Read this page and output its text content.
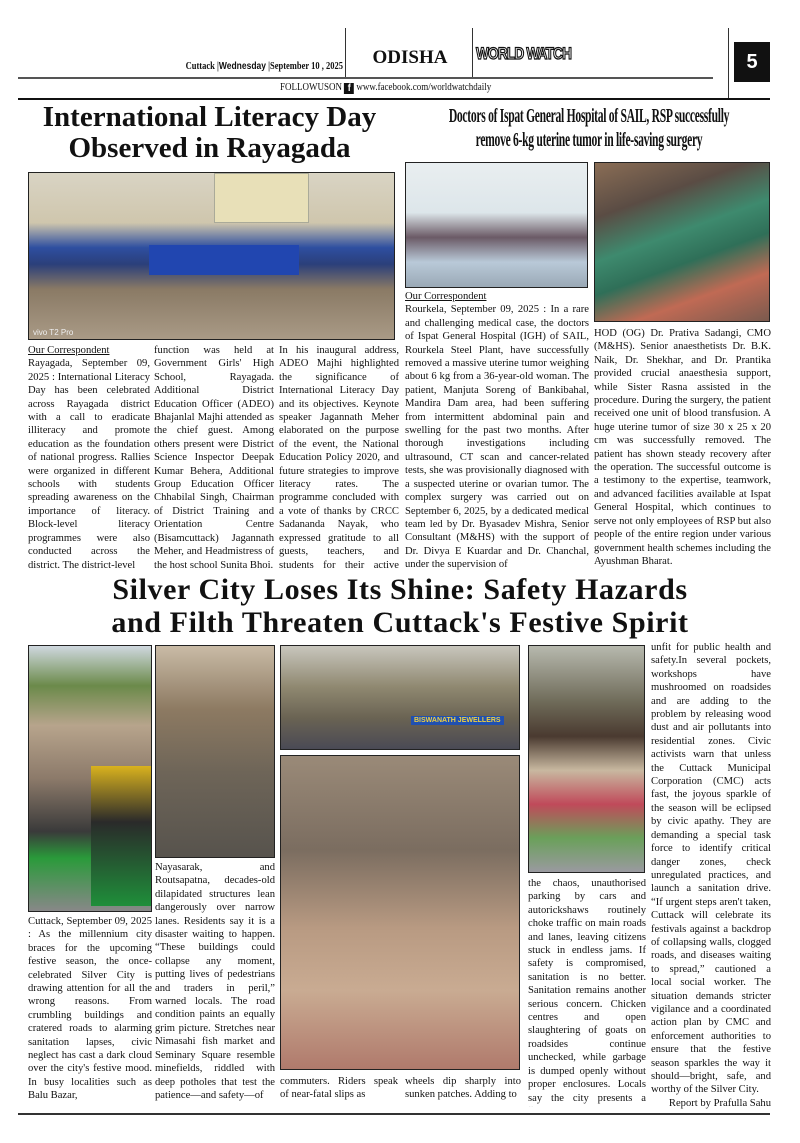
Cuttack |Wednesday |September 10 , 2025	ODISHA	WORLD WATCH	5
FOLLOWUSON f www.facebook.com/worldwatchdaily
International Literacy Day
Observed in Rayagada
vivo T2 Pro
Our Correspondent
Rayagada, September 09, 2025 : International Literacy Day has been celebrated across Rayagada district with a call to eradicate illiteracy and promote education as the foundation of national progress. Rallies were organized in different schools with students spreading awareness on the importance of literacy. Block-level literacy programmes were also conducted across the district. The district-level
function was held at Government Girls' High School, Rayagada. Additional District Education Officer (ADEO) Bhajanlal Majhi attended as the chief guest. Among others present were District Science Inspector Deepak Kumar Behera, Additional Group Education Officer Chhabilal Singh, Chairman of District Training and Orientation Centre (Bisamcuttack) Jagannath Meher, and Headmistress of the host school Sunita Bhoi.
In his inaugural address, ADEO Majhi highlighted the significance of International Literacy Day and its objectives. Keynote speaker Jagannath Meher elaborated on the purpose of the event, the National Education Policy 2020, and future strategies to improve literacy rates. The programme concluded with a vote of thanks by CRCC Sadananda Nayak, who expressed gratitude to all guests, teachers, and students for their active
Doctors of Ispat General Hospital of SAIL, RSP successfully
remove 6-kg uterine tumor in life-saving surgery
Our Correspondent
Rourkela, September 09, 2025 : In a rare and challenging medical case, the doctors of Ispat General Hospital (IGH) of SAIL, Rourkela Steel Plant, have successfully removed a massive uterine tumor weighing about 6 kg from a 36-year-old woman. The patient, Manjuta Soreng of Bankibahal, Mandira Dam area, had been suffering from intermittent abdominal pain and swelling for the past two months. After thorough investigations including ultrasound, CT scan and cancer-related tests, she was provisionally diagnosed with a suspected uterine or ovarian tumor. The complex surgery was carried out on September 6, 2025, by a dedicated medical team led by Dr. Byasadev Mishra, Senior Consultant (M&HS) with the support of Dr. Divya E Kuardar and Dr. Chanchal, under the supervision of
HOD (OG) Dr. Prativa Sadangi, CMO (M&HS). Senior anaesthetists Dr. B.K. Naik, Dr. Shekhar, and Dr. Prantika provided crucial anaesthesia support, while Sister Rasna assisted in the procedure. During the surgery, the patient received one unit of blood transfusion. A huge uterine tumor of size 30 x 25 x 20 cm was successfully removed. The patient has shown steady recovery after the operation. The successful outcome is a testimony to the expertise, teamwork, and advanced facilities available at Ispat General Hospital, which continues to serve not only employees of RSP but also people of the entire region under various government health schemes including the Ayushman Bharat.
Silver City Loses Its Shine: Safety Hazards
and Filth Threaten Cuttack's Festive Spirit
BISWANATH JEWELLERS
Cuttack, September 09, 2025 : As the millennium city braces for the upcoming festive season, the once-celebrated Silver City is drawing attention for all the wrong reasons. From crumbling buildings and cratered roads to alarming sanitation lapses, civic neglect has cast a dark cloud over the city's festive mood. In busy localities such as Balu Bazar,
Nayasarak, and Routsapatna, decades-old dilapidated structures lean dangerously over narrow lanes. Residents say it is a disaster waiting to happen. “These buildings could collapse any moment, putting lives of pedestrians and traders in peril,” warned locals. The road condition paints an equally grim picture. Stretches near Nimasahi fish market and Seminary Square resemble minefields, riddled with deep potholes that test the patience—and safety—of
commuters. Riders speak of near-fatal slips as
wheels dip sharply into sunken patches. Adding to
the chaos, unauthorised parking by cars and autorickshaws routinely choke traffic on main roads and lanes, leaving citizens stuck in endless jams. If safety is compromised, sanitation is no better. Sanitation remains another serious concern. Chicken centres and open slaughtering of goats on roadsides continue unchecked, while garbage is dumped openly without proper enclosures. Locals say the city presents a
unfit for public health and safety.In several pockets, workshops have mushroomed on roadsides and are adding to the problem by releasing wood dust and air pollutants into residential zones. Civic activists warn that unless the Cuttack Municipal Corporation (CMC) acts fast, the joyous sparkle of the season will be eclipsed by civic apathy. They are demanding a special task force to identify critical danger zones, check unregulated practices, and launch a sanitation drive. “If urgent steps aren't taken, Cuttack will celebrate its festivals against a backdrop of collapsing walls, clogged roads, and diseases waiting to spread,” cautioned a local social worker. The situation demands stricter vigilance and a coordinated action plan by CMC and enforcement authorities to ensure that the festive season sparkles the way it should—bright, safe, and worthy of the Silver City.
Report by Prafulla Sahu
